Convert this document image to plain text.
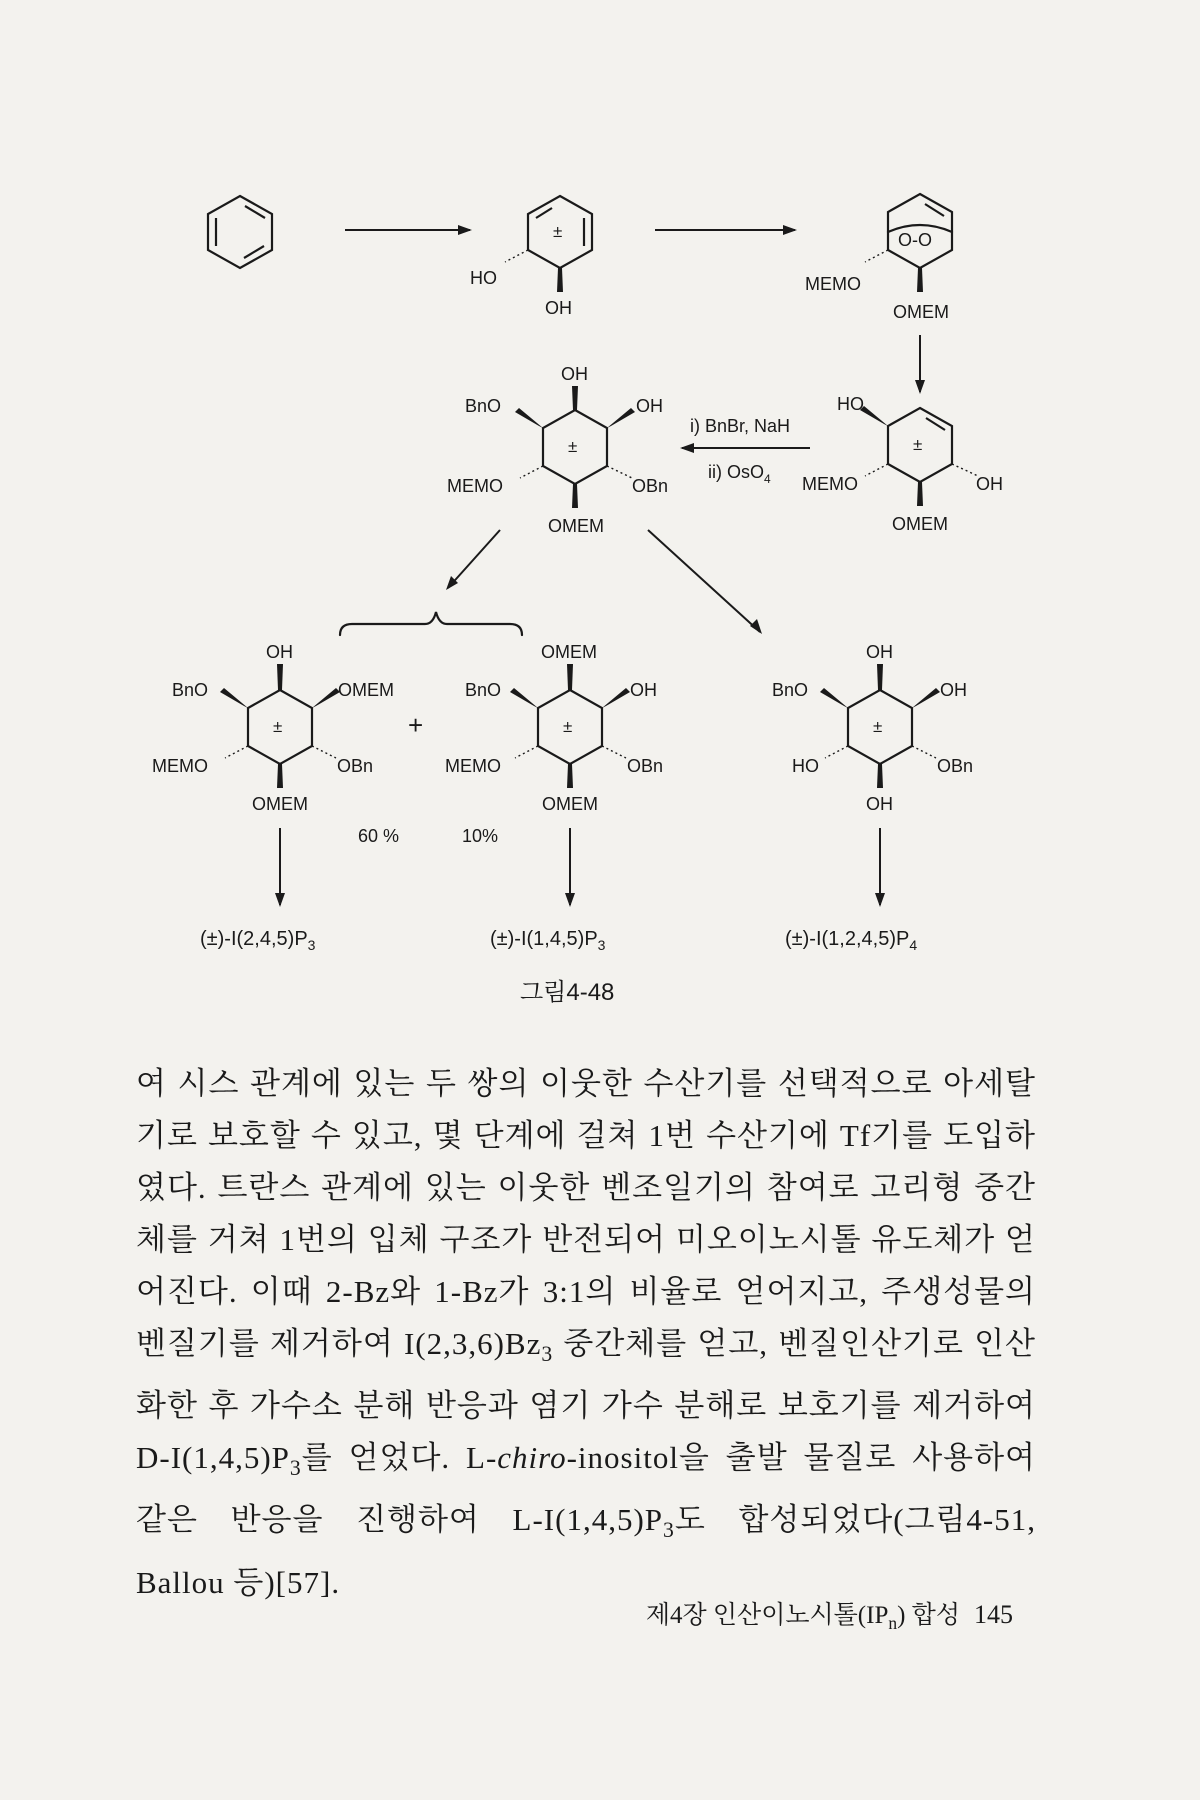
±
HO
OH
O-O
MEMO
OMEM
±
HO
MEMO	OH
OMEM
i) BnBr, NaH
ii) OsO$_4$
±
OH
BnO	OH
MEMO	OBn
OMEM
±
OH
BnO	OMEM
MEMO	OBn
OMEM
+	±
OMEM
BnO	OH
MEMO	OBn
OMEM
±
OH
BnO	OH
HO	OBn
OH
60 %	10%
$(\pm)-I(2,4,5)P_3$	$(\pm)-I(1,4,5)P_3$	$(\pm)-I(1,2,4,5)P_4$
그림4-48

여 시스 관계에 있는 두 쌍의 이웃한 수산기를 선택적으로 아세탈기로 보호할 수 있고, 몇 단계에 걸쳐 1번 수산기에 Tf기를 도입하였다. 트란스 관계에 있는 이웃한 벤조일기의 참여로 고리형 중간체를 거쳐 1번의 입체 구조가 반전되어 미오이노시톨 유도체가 얻어진다. 이때 2-Bz와 1-Bz가 3:1의 비율로 얻어지고, 주생성물의 벤질기를 제거하여 $I(2,3,6)Bz_3$ 중간체를 얻고, 벤질인산기로 인산화한 후 가수소 분해 반응과 염기 가수 분해로 보호기를 제거하여 $D-I(1,4,5)P_3$를 얻었다. L-chiro-inositol을 출발 물질로 사용하여 같은 반응을 진행하여 $L-I(1,4,5)P_3$도 합성되었다(그림4-51, Ballou 등)[57].

제4장 인산이노시톨$(IP_n)$ 합성 145
